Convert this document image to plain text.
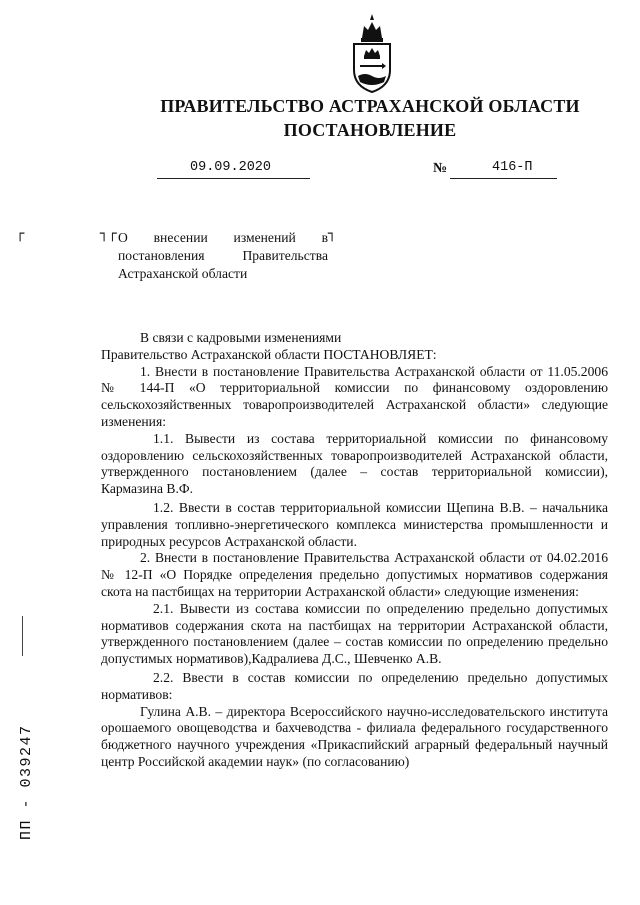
ПРАВИТЕЛЬСТВО АСТРАХАНСКОЙ ОБЛАСТИ
ПОСТАНОВЛЕНИЕ
09.09.2020	№	416-П
┌	┐┌	┐
О внесении изменений в постановления Правительства Астраханской области

В связи с кадровыми изменениями

Правительство Астраханской области ПОСТАНОВЛЯЕТ:

1. Внести в постановление Правительства Астраханской области от 11.05.2006 № 144-П «О территориальной комиссии по финансовому оздоровлению сельскохозяйственных товаропроизводителей Астраханской области» следующие изменения:

1.1. Вывести из состава территориальной комиссии по финансовому оздоровлению сельскохозяйственных товаропроизводителей Астраханской области, утвержденного постановлением (далее – состав территориальной комиссии), Кармазина В.Ф.

1.2. Ввести в состав территориальной комиссии Щепина В.В. – начальника управления топливно-энергетического комплекса министерства промышленности и природных ресурсов Астраханской области.

2. Внести в постановление Правительства Астраханской области от 04.02.2016 № 12-П «О Порядке определения предельно допустимых нормативов содержания скота на пастбищах на территории Астраханской области» следующие изменения:

2.1. Вывести из состава комиссии по определению предельно допустимых нормативов содержания скота на пастбищах на территории Астраханской области, утвержденного постановлением (далее – состав комиссии по определению предельно допустимых нормативов),Кадралиева Д.С., Шевченко А.В.

2.2. Ввести в состав комиссии по определению предельно допустимых нормативов:

Гулина А.В. – директора Всероссийского научно-исследовательского института орошаемого овощеводства и бахчеводства - филиала федерального государственного бюджетного научного учреждения «Прикаспийский аграрный федеральный научный центр Российской академии наук» (по согласованию)

ПП - 039247
